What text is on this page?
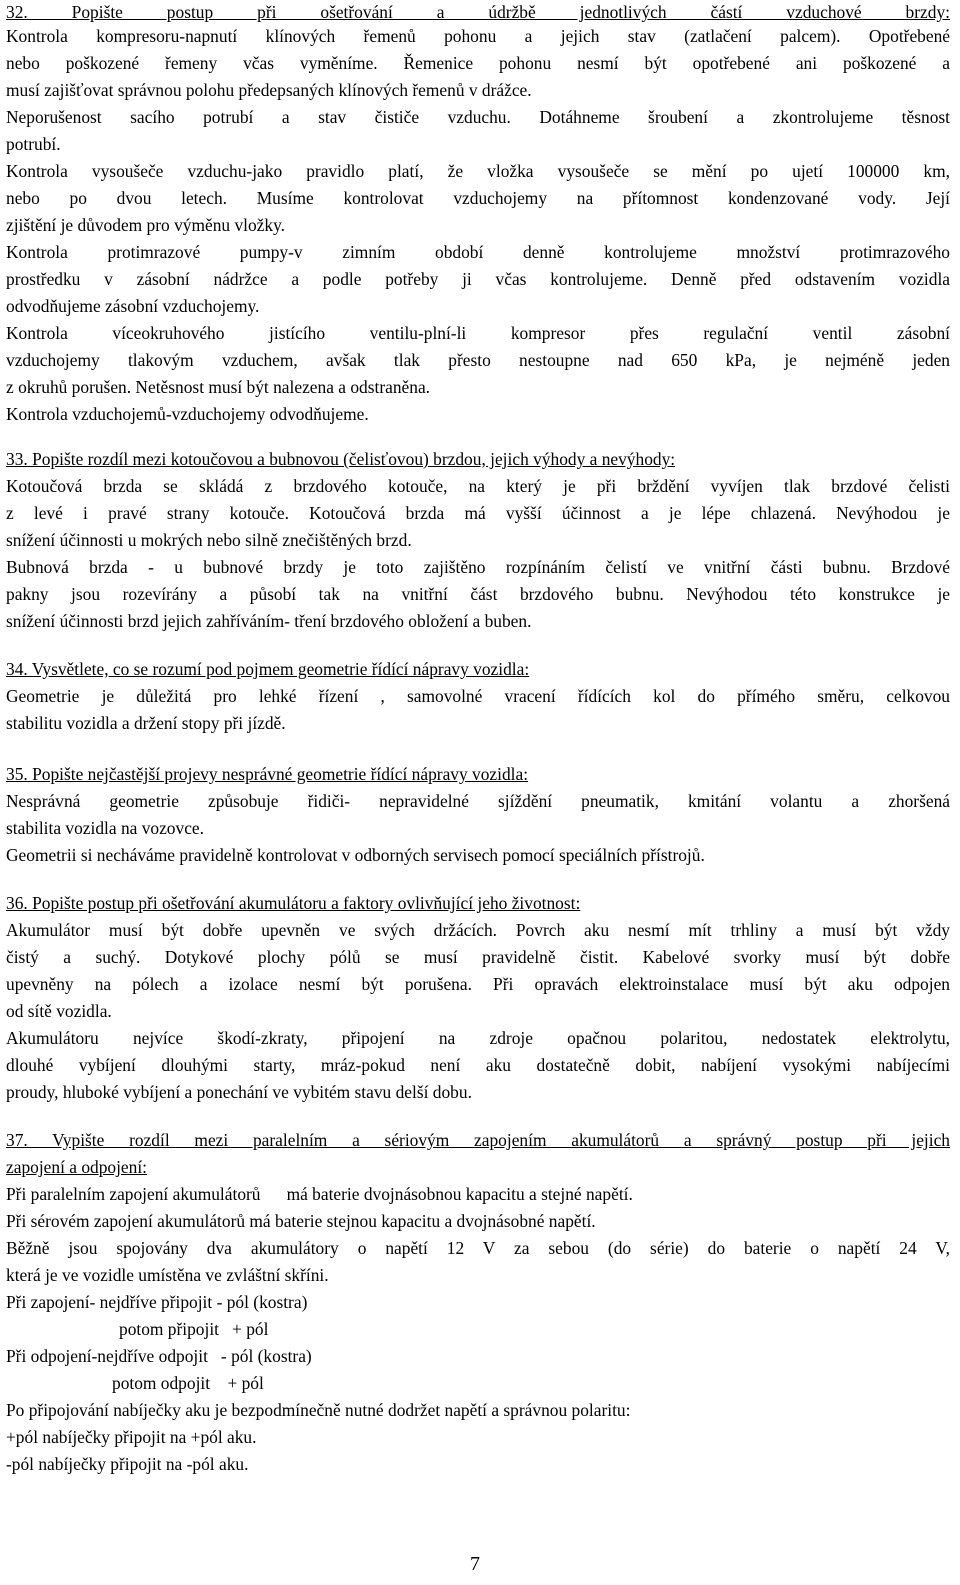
32. Popište postup při ošetřování a údržbě jednotlivých částí vzduchové brzdy:
Kontrola kompresoru-napnutí klínových řemenů pohonu a jejich stav (zatlačení palcem). Opotřebené
nebo poškozené řemeny včas vyměníme. Řemenice pohonu nesmí být opotřebené ani poškozené a
musí zajišťovat správnou polohu předepsaných klínových řemenů v drážce.
Neporušenost sacího potrubí a stav čističe vzduchu. Dotáhneme šroubení a zkontrolujeme těsnost
potrubí.
Kontrola vysoušeče vzduchu-jako pravidlo platí, že vložka vysoušeče se mění po ujetí 100000 km,
nebo po dvou letech. Musíme kontrolovat vzduchojemy na přítomnost kondenzované vody. Její
zjištění je důvodem pro výměnu vložky.
Kontrola protimrazové pumpy-v zimním období denně kontrolujeme množství protimrazového
prostředku v zásobní nádržce a podle potřeby ji včas kontrolujeme. Denně před odstavením vozidla
odvodňujeme zásobní vzduchojemy.
Kontrola víceokruhového jistícího ventilu-plní-li kompresor přes regulační ventil zásobní
vzduchojemy tlakovým vzduchem, avšak tlak přesto nestoupne nad 650 kPa, je nejméně jeden
z okruhů porušen. Netěsnost musí být nalezena a odstraněna.
Kontrola vzduchojemů-vzduchojemy odvodňujeme.
33. Popište rozdíl mezi kotoučovou a bubnovou (čelisťovou) brzdou, jejich výhody a nevýhody:
Kotoučová brzda se skládá z brzdového kotouče, na který je při brždění vyvíjen tlak brzdové čelisti
z levé i pravé strany kotouče. Kotoučová brzda má vyšší účinnost a je lépe chlazená. Nevýhodou je
snížení účinnosti u mokrých nebo silně znečištěných brzd.
Bubnová brzda - u bubnové brzdy je toto zajištěno rozpínáním čelistí ve vnitřní části bubnu. Brzdové
pakny jsou rozevírány a působí tak na vnitřní část brzdového bubnu. Nevýhodou této konstrukce je
snížení účinnosti brzd jejich zahříváním- tření brzdového obložení a buben.
34. Vysvětlete, co se rozumí pod pojmem geometrie řídící nápravy vozidla:
Geometrie je důležitá pro lehké řízení , samovolné vracení řídících kol do přímého směru, celkovou
stabilitu vozidla a držení stopy při jízdě.
35. Popište nejčastější projevy nesprávné geometrie řídící nápravy vozidla:
Nesprávná geometrie způsobuje řidiči- nepravidelné sjíždění pneumatik, kmitání volantu a zhoršená
stabilita vozidla na vozovce.
Geometrii si necháváme pravidelně kontrolovat v odborných servisech pomocí speciálních přístrojů.
36. Popište postup při ošetřování akumulátoru a faktory ovlivňující jeho životnost:
Akumulátor musí být dobře upevněn ve svých držácích. Povrch aku nesmí mít trhliny a musí být vždy
čistý a suchý. Dotykové plochy pólů se musí pravidelně čistit. Kabelové svorky musí být dobře
upevněny na pólech a izolace nesmí být porušena. Při opravách elektroinstalace musí být aku odpojen
od sítě vozidla.
Akumulátoru nejvíce škodí-zkraty, připojení na zdroje opačnou polaritou, nedostatek elektrolytu,
dlouhé vybíjení dlouhými starty, mráz-pokud není aku dostatečně dobit, nabíjení vysokými nabíjecími
proudy, hluboké vybíjení a ponechání ve vybitém stavu delší dobu.
37. Vypište rozdíl mezi paralelním a sériovým zapojením akumulátorů a správný postup při jejich
zapojení a odpojení:
Při paralelním zapojení akumulátorů      má baterie dvojnásobnou kapacitu a stejné napětí.
Při sérovém zapojení akumulátorů má baterie stejnou kapacitu a dvojnásobné napětí.
Běžně jsou spojovány dva akumulátory o napětí 12 V za sebou (do série) do baterie o napětí 24 V,
která je ve vozidle umístěna ve zvláštní skříni.
Při zapojení- nejdříve připojit - pól (kostra)
potom připojit   + pól
Při odpojení-nejdříve odpojit   - pól (kostra)
potom odpojit    + pól
Po připojování nabíječky aku je bezpodmínečně nutné dodržet napětí a správnou polaritu:
+pól nabíječky připojit na +pól aku.
-pól nabíječky připojit na -pól aku.
7
